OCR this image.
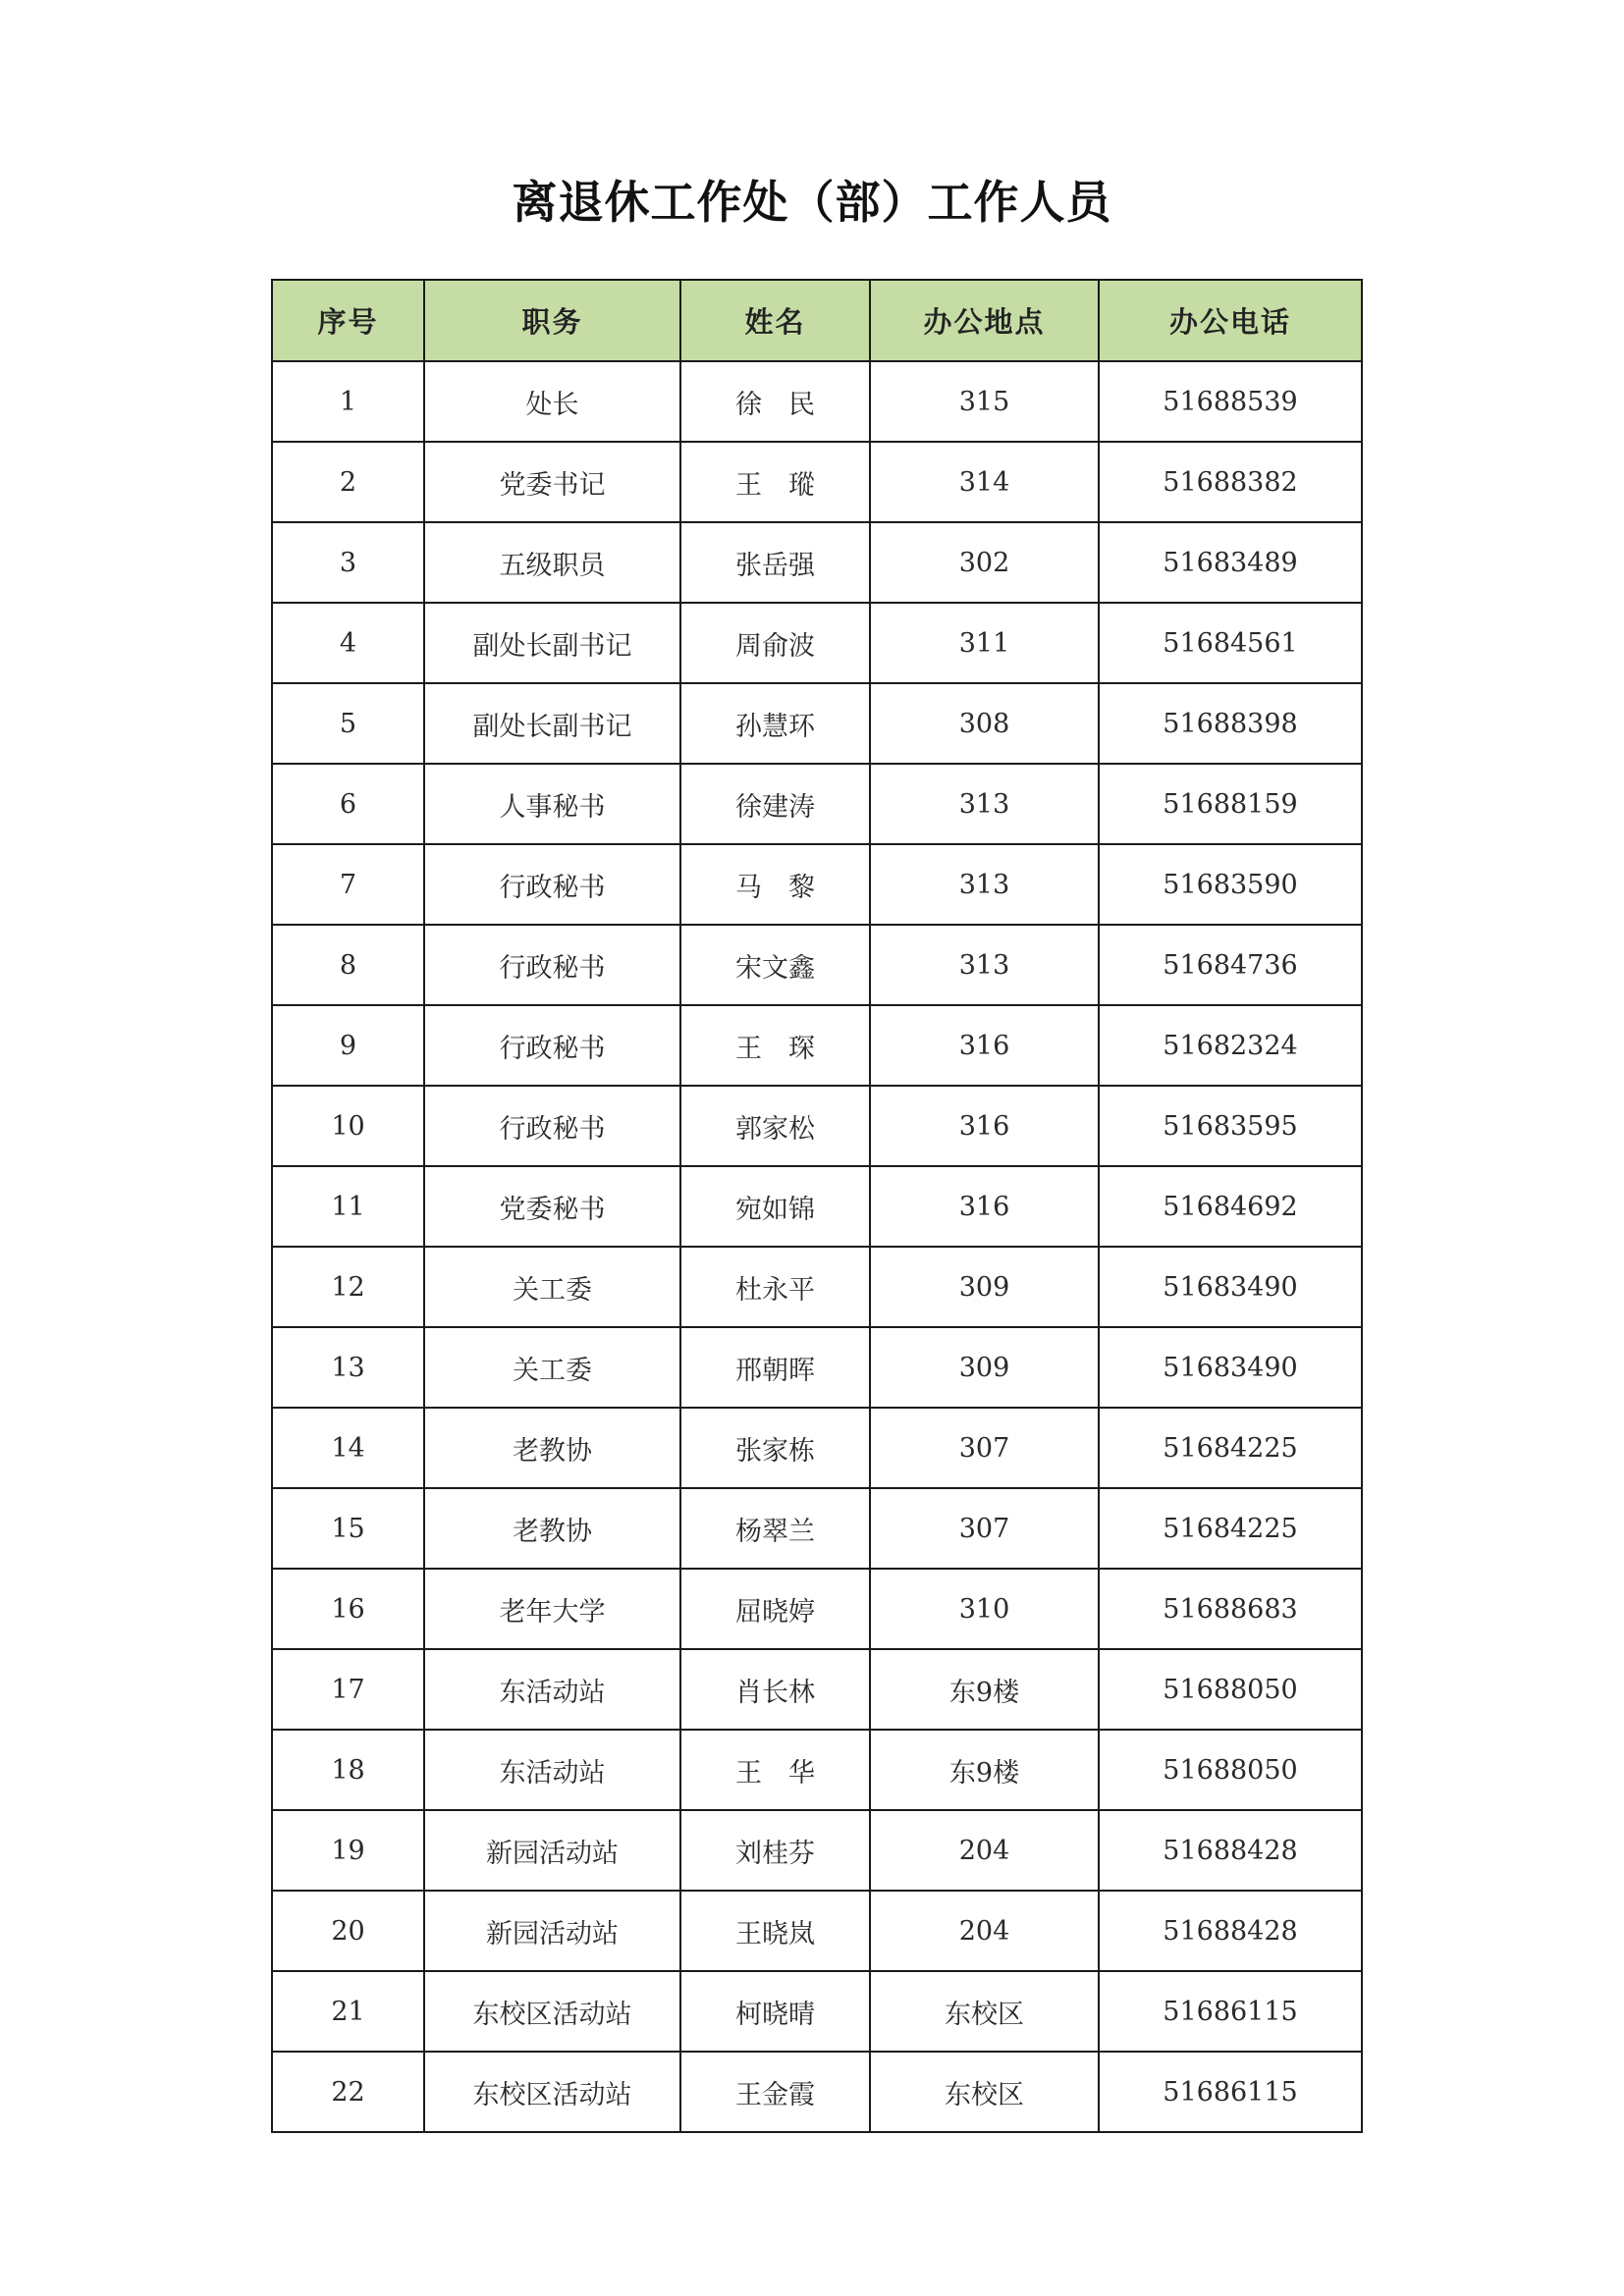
离退休工作处（部）工作人员
序号	职务	姓名	办公地点	办公电话
1	处长	徐　民	315	51688539
2	党委书记	王　瑽	314	51688382
3	五级职员	张岳强	302	51683489
4	副处长副书记	周俞波	311	51684561
5	副处长副书记	孙慧环	308	51688398
6	人事秘书	徐建涛	313	51688159
7	行政秘书	马　黎	313	51683590
8	行政秘书	宋文鑫	313	51684736
9	行政秘书	王　琛	316	51682324
10	行政秘书	郭家松	316	51683595
11	党委秘书	宛如锦	316	51684692
12	关工委	杜永平	309	51683490
13	关工委	邢朝晖	309	51683490
14	老教协	张家栋	307	51684225
15	老教协	杨翠兰	307	51684225
16	老年大学	屈晓婷	310	51688683
17	东活动站	肖长林	东9楼	51688050
18	东活动站	王　华	东9楼	51688050
19	新园活动站	刘桂芬	204	51688428
20	新园活动站	王晓岚	204	51688428
21	东校区活动站	柯晓晴	东校区	51686115
22	东校区活动站	王金霞	东校区	51686115
